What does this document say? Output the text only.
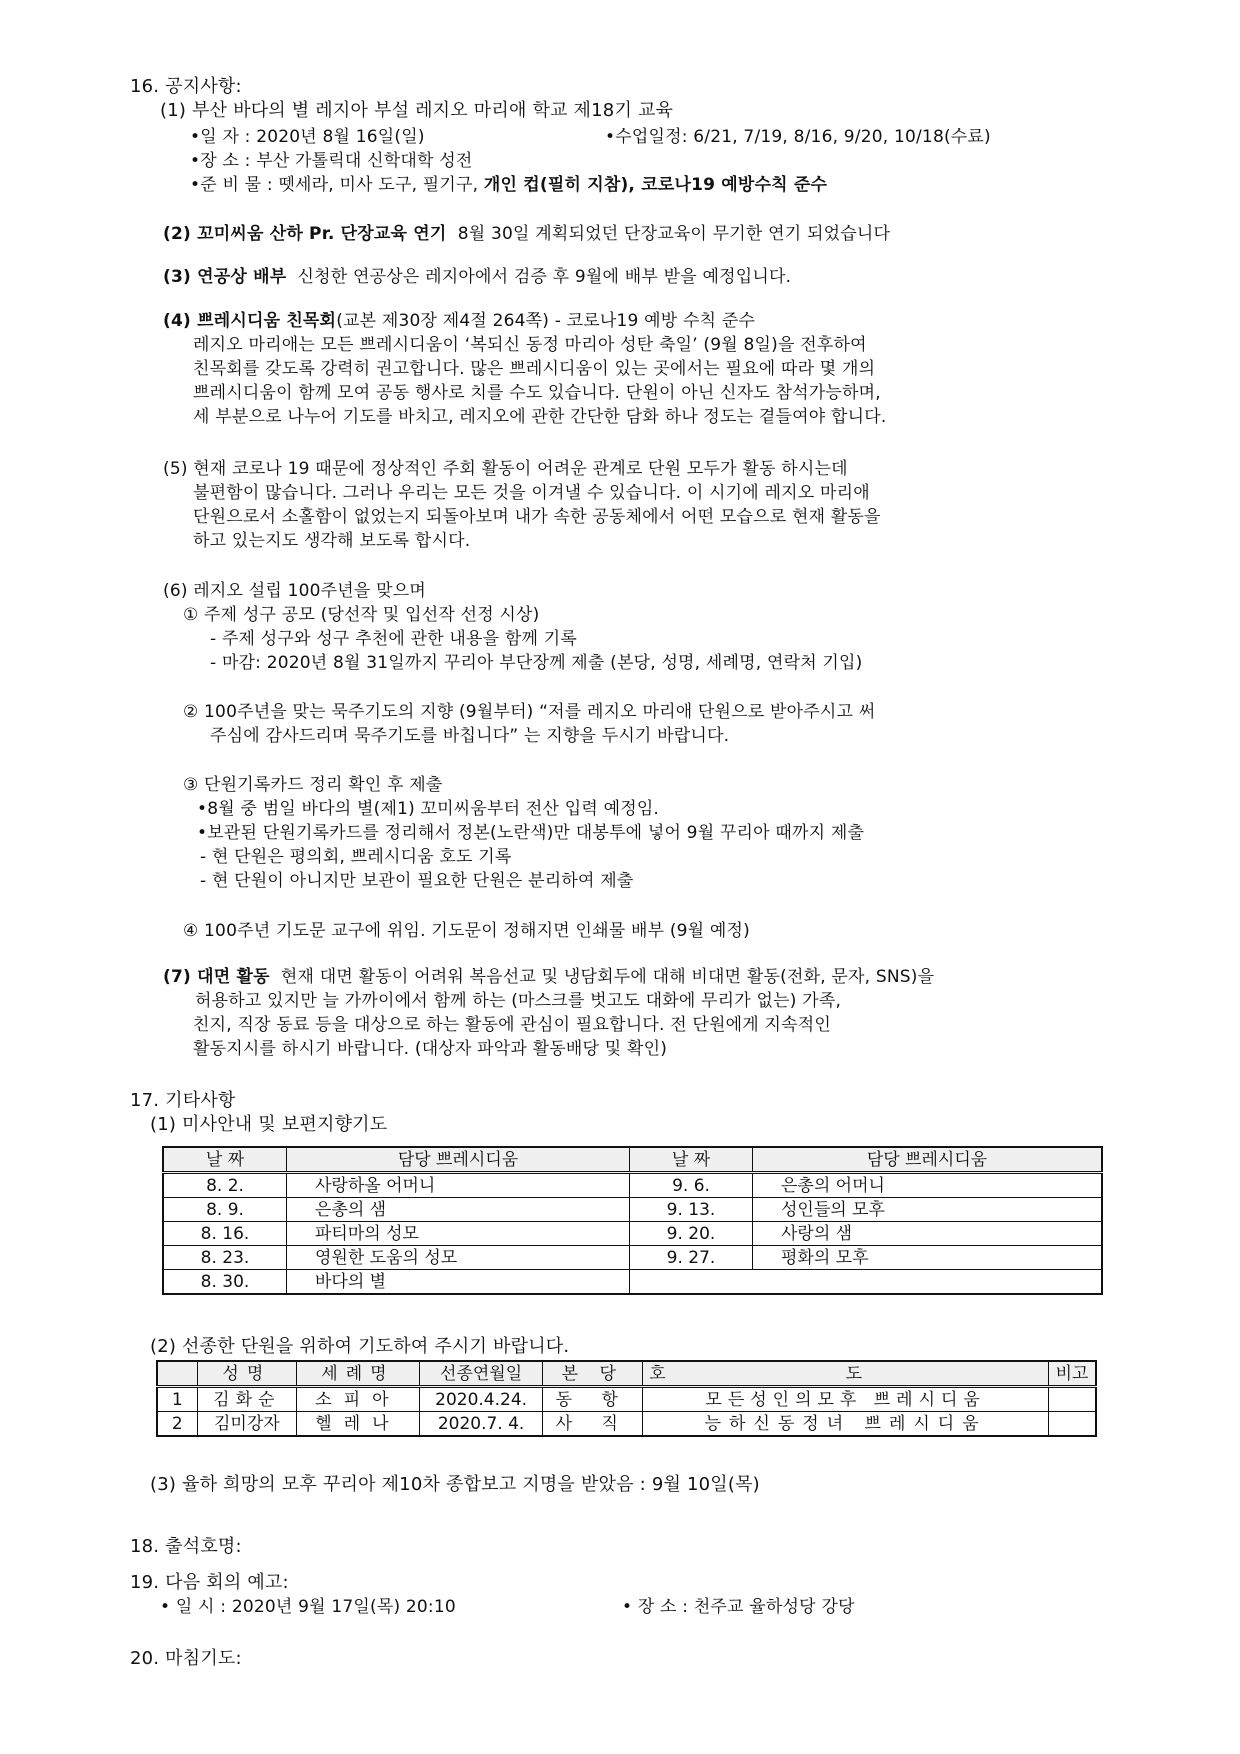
16. 공지사항:
(1) 부산 바다의 별 레지아 부설 레지오 마리애 학교 제18기 교육
•일 자 : 2020년 8월 16일(일)	•수업일정: 6/21, 7/19, 8/16, 9/20, 10/18(수료)
•장 소 : 부산 가톨릭대 신학대학 성전
•준 비 물 : 뗏세라, 미사 도구, 필기구, 개인 컵(필히 지참), 코로나19 예방수칙 준수
(2) 꼬미씨움 산하 Pr. 단장교육 연기 8월 30일 계획되었던 단장교육이 무기한 연기 되었습니다
(3) 연공상 배부 신청한 연공상은 레지아에서 검증 후 9월에 배부 받을 예정입니다.
(4) 쁘레시디움 친목회(교본 제30장 제4절 264쪽) - 코로나19 예방 수칙 준수
레지오 마리애는 모든 쁘레시디움이 ‘복되신 동정 마리아 성탄 축일’ (9월 8일)을 전후하여
친목회를 갖도록 강력히 권고합니다. 많은 쁘레시디움이 있는 곳에서는 필요에 따라 몇 개의
쁘레시디움이 함께 모여 공동 행사로 치를 수도 있습니다. 단원이 아닌 신자도 참석가능하며,
세 부분으로 나누어 기도를 바치고, 레지오에 관한 간단한 담화 하나 정도는 곁들여야 합니다.
(5) 현재 코로나 19 때문에 정상적인 주회 활동이 어려운 관계로 단원 모두가 활동 하시는데
불편함이 많습니다. 그러나 우리는 모든 것을 이겨낼 수 있습니다. 이 시기에 레지오 마리애
단원으로서 소홀함이 없었는지 되돌아보며 내가 속한 공동체에서 어떤 모습으로 현재 활동을
하고 있는지도 생각해 보도록 합시다.
(6) 레지오 설립 100주년을 맞으며
① 주제 성구 공모 (당선작 및 입선작 선정 시상)
- 주제 성구와 성구 추천에 관한 내용을 함께 기록
- 마감: 2020년 8월 31일까지 꾸리아 부단장께 제출 (본당, 성명, 세례명, 연락처 기입)
② 100주년을 맞는 묵주기도의 지향 (9월부터) “저를 레지오 마리애 단원으로 받아주시고 써
주심에 감사드리며 묵주기도를 바칩니다” 는 지향을 두시기 바랍니다.
③ 단원기록카드 정리 확인 후 제출
•8월 중 범일 바다의 별(제1) 꼬미씨움부터 전산 입력 예정임.
•보관된 단원기록카드를 정리해서 정본(노란색)만 대봉투에 넣어 9월 꾸리아 때까지 제출
- 현 단원은 평의회, 쁘레시디움 호도 기록
- 현 단원이 아니지만 보관이 필요한 단원은 분리하여 제출
④ 100주년 기도문 교구에 위임. 기도문이 정해지면 인쇄물 배부 (9월 예정)
(7) 대면 활동 현재 대면 활동이 어려워 복음선교 및 냉담회두에 대해 비대면 활동(전화, 문자, SNS)을
허용하고 있지만 늘 가까이에서 함께 하는 (마스크를 벗고도 대화에 무리가 없는) 가족,
친지, 직장 동료 등을 대상으로 하는 활동에 관심이 필요합니다. 전 단원에게 지속적인
활동지시를 하시기 바랍니다. (대상자 파악과 활동배당 및 확인)
17. 기타사항
(1) 미사안내 및 보편지향기도
날 짜	담당 쁘레시디움	날 짜	담당 쁘레시디움
8. 2.	사랑하올 어머니	9. 6.	은총의 어머니
8. 9.	은총의 샘	9. 13.	성인들의 모후
8. 16.	파티마의 성모	9. 20.	사랑의 샘
8. 23.	영원한 도움의 성모	9. 27.	평화의 모후
8. 30.	바다의 별		
(2) 선종한 단원을 위하여 기도하여 주시기 바랍니다.
	성명	세례명	선종연월일	본 당	호도	비고
1	김화순	소피아	2020.4.24.	동 항	모든성인의모후 쁘레시디움	
2	김미강자	헬레나	2020.7. 4.	사 직	능하신동정녀 쁘레시디움	
(3) 율하 희망의 모후 꾸리아 제10차 종합보고 지명을 받았음 : 9월 10일(목)
18. 출석호명:
19. 다음 회의 예고:
• 일 시 : 2020년 9월 17일(목) 20:10	• 장 소 : 천주교 율하성당 강당
20. 마침기도:
